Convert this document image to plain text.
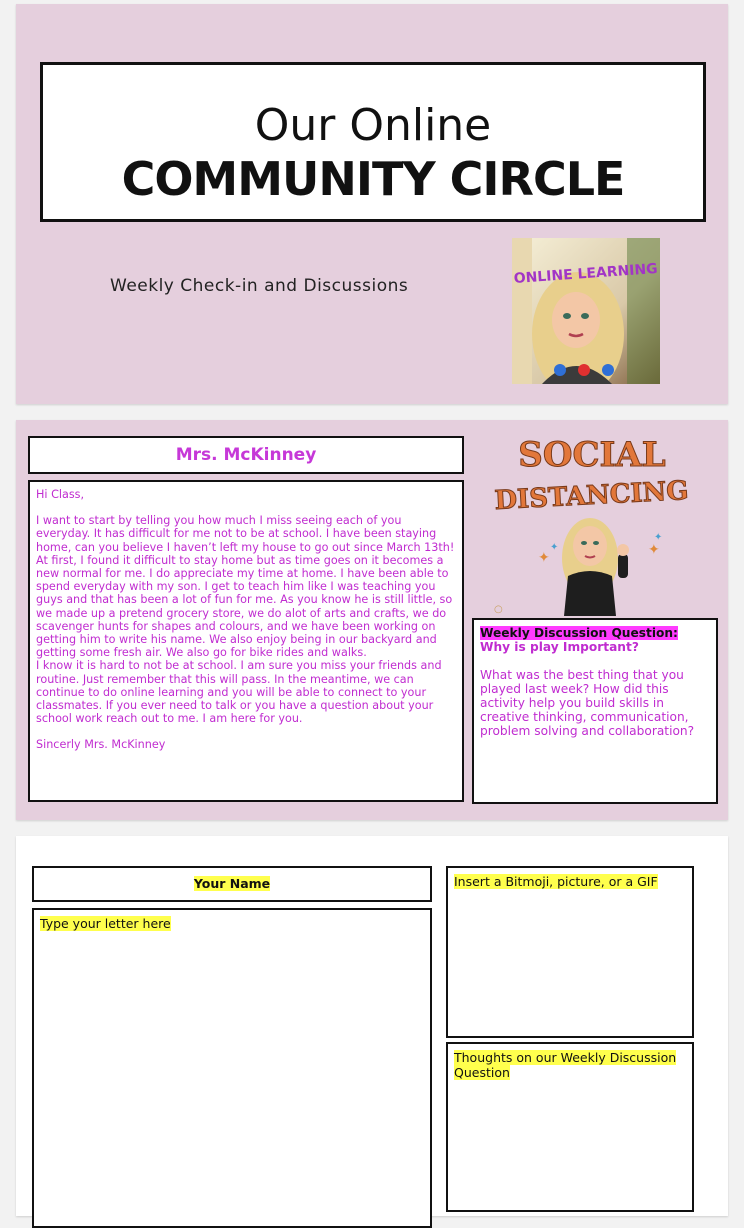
Our Online
COMMUNITY CIRCLE
Weekly Check-in and Discussions	ONLINE LEARNING
Mrs. McKinney

Hi Class,

I want to start by telling you how much I miss seeing each of you everyday. It has difficult for me not to be at school. I have been staying home, can you believe I haven’t left my house to go out since March 13th! At first, I found it difficult to stay home but as time goes on it becomes a new normal for me. I do appreciate my time at home. I have been able to spend everyday with my son. I get to teach him like I was teaching you guys and that has been a lot of fun for me. As you know he is still little, so we made up a pretend grocery store, we do alot of arts and crafts, we do scavenger hunts for shapes and colours, and we have been working on getting him to write his name. We also enjoy being in our backyard and getting some fresh air. We also go for bike rides and walks.

I know it is hard to not be at school. I am sure you miss your friends and routine. Just remember that this will pass. In the meantime, we can continue to do online learning and you will be able to connect to your classmates. If you ever need to talk or you have a question about your school work reach out to me. I am here for you.

Sincerly Mrs. McKinney

SOCIAL
DISTANCING
✦
✦	✦
✦
○
Weekly Discussion Question:
Why is play Important?
What was the best thing that you played last week? How did this activity help you build skills in creative thinking, communication, problem solving and collaboration?
Your Name
Type your letter here
Insert a Bitmoji, picture, or a GIF
Thoughts on our Weekly Discussion Question
